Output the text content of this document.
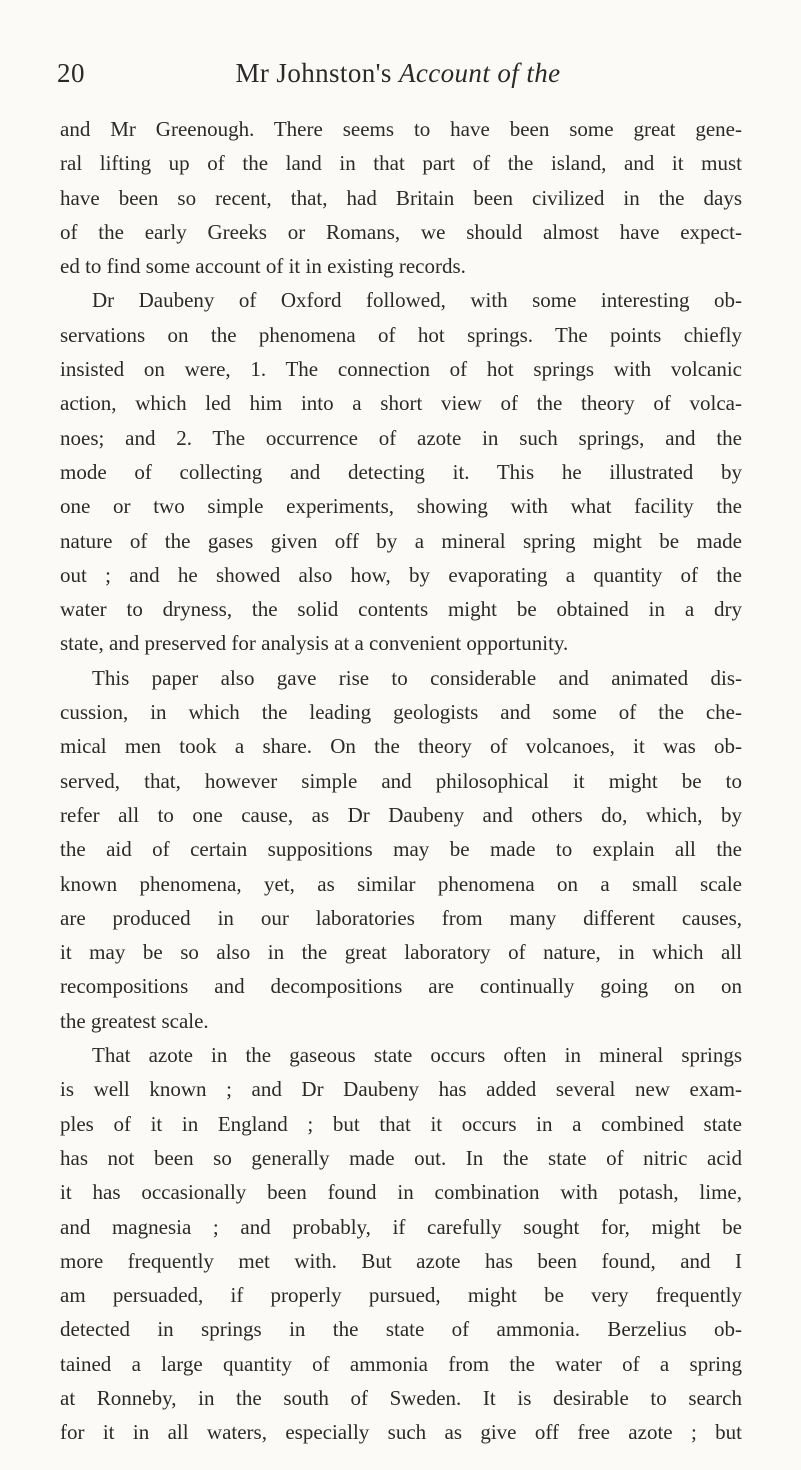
20	Mr Johnston's Account of the
and Mr Greenough. There seems to have been some great gene-
ral lifting up of the land in that part of the island, and it must
have been so recent, that, had Britain been civilized in the days
of the early Greeks or Romans, we should almost have expect-
ed to find some account of it in existing records.
Dr Daubeny of Oxford followed, with some interesting ob-
servations on the phenomena of hot springs. The points chiefly
insisted on were, 1. The connection of hot springs with volcanic
action, which led him into a short view of the theory of volca-
noes; and 2. The occurrence of azote in such springs, and the
mode of collecting and detecting it. This he illustrated by
one or two simple experiments, showing with what facility the
nature of the gases given off by a mineral spring might be made
out ; and he showed also how, by evaporating a quantity of the
water to dryness, the solid contents might be obtained in a dry
state, and preserved for analysis at a convenient opportunity.
This paper also gave rise to considerable and animated dis-
cussion, in which the leading geologists and some of the che-
mical men took a share. On the theory of volcanoes, it was ob-
served, that, however simple and philosophical it might be to
refer all to one cause, as Dr Daubeny and others do, which, by
the aid of certain suppositions may be made to explain all the
known phenomena, yet, as similar phenomena on a small scale
are produced in our laboratories from many different causes,
it may be so also in the great laboratory of nature, in which all
recompositions and decompositions are continually going on on
the greatest scale.
That azote in the gaseous state occurs often in mineral springs
is well known ; and Dr Daubeny has added several new exam-
ples of it in England ; but that it occurs in a combined state
has not been so generally made out. In the state of nitric acid
it has occasionally been found in combination with potash, lime,
and magnesia ; and probably, if carefully sought for, might be
more frequently met with. But azote has been found, and I
am persuaded, if properly pursued, might be very frequently
detected in springs in the state of ammonia. Berzelius ob-
tained a large quantity of ammonia from the water of a spring
at Ronneby, in the south of Sweden. It is desirable to search
for it in all waters, especially such as give off free azote ; but
